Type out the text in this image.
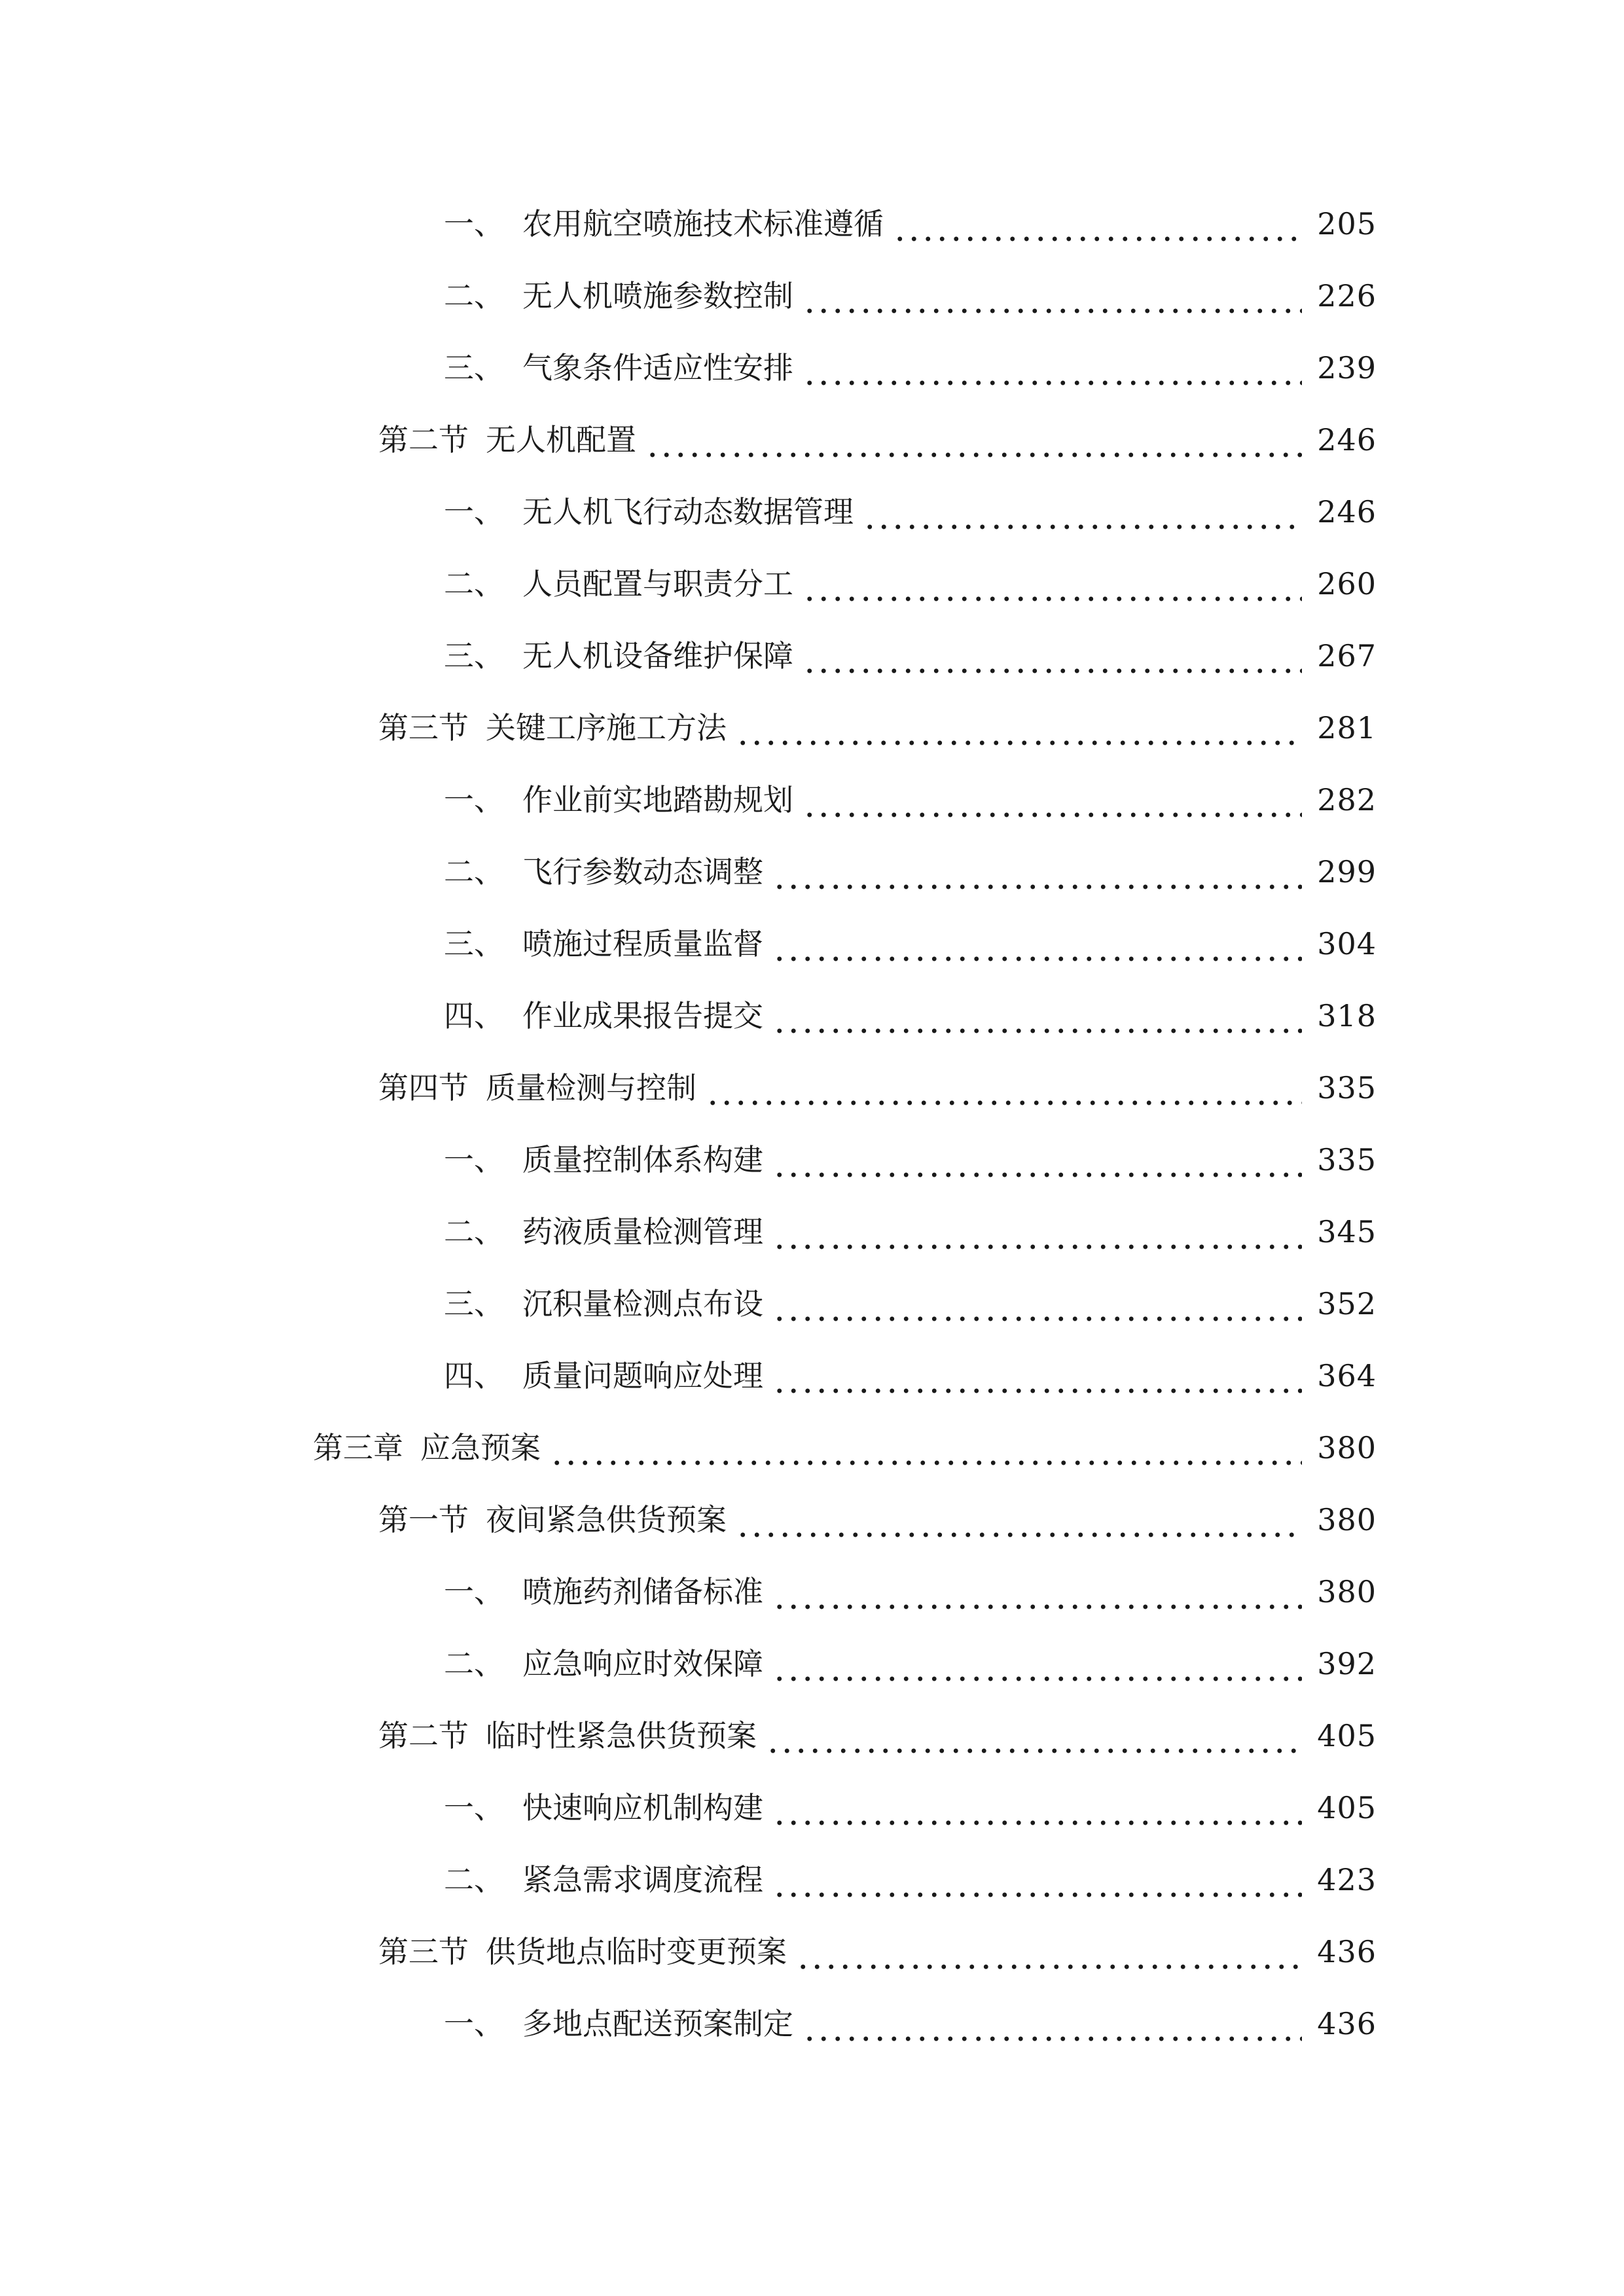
一、 农用航空喷施技术标准遵循	205
二、 无人机喷施参数控制	226
三、 气象条件适应性安排	239
第二节 无人机配置	246
一、 无人机飞行动态数据管理	246
二、 人员配置与职责分工	260
三、 无人机设备维护保障	267
第三节 关键工序施工方法	281
一、 作业前实地踏勘规划	282
二、 飞行参数动态调整	299
三、 喷施过程质量监督	304
四、 作业成果报告提交	318
第四节 质量检测与控制	335
一、 质量控制体系构建	335
二、 药液质量检测管理	345
三、 沉积量检测点布设	352
四、 质量问题响应处理	364
第三章 应急预案	380
第一节 夜间紧急供货预案	380
一、 喷施药剂储备标准	380
二、 应急响应时效保障	392
第二节 临时性紧急供货预案	405
一、 快速响应机制构建	405
二、 紧急需求调度流程	423
第三节 供货地点临时变更预案	436
一、 多地点配送预案制定	436
